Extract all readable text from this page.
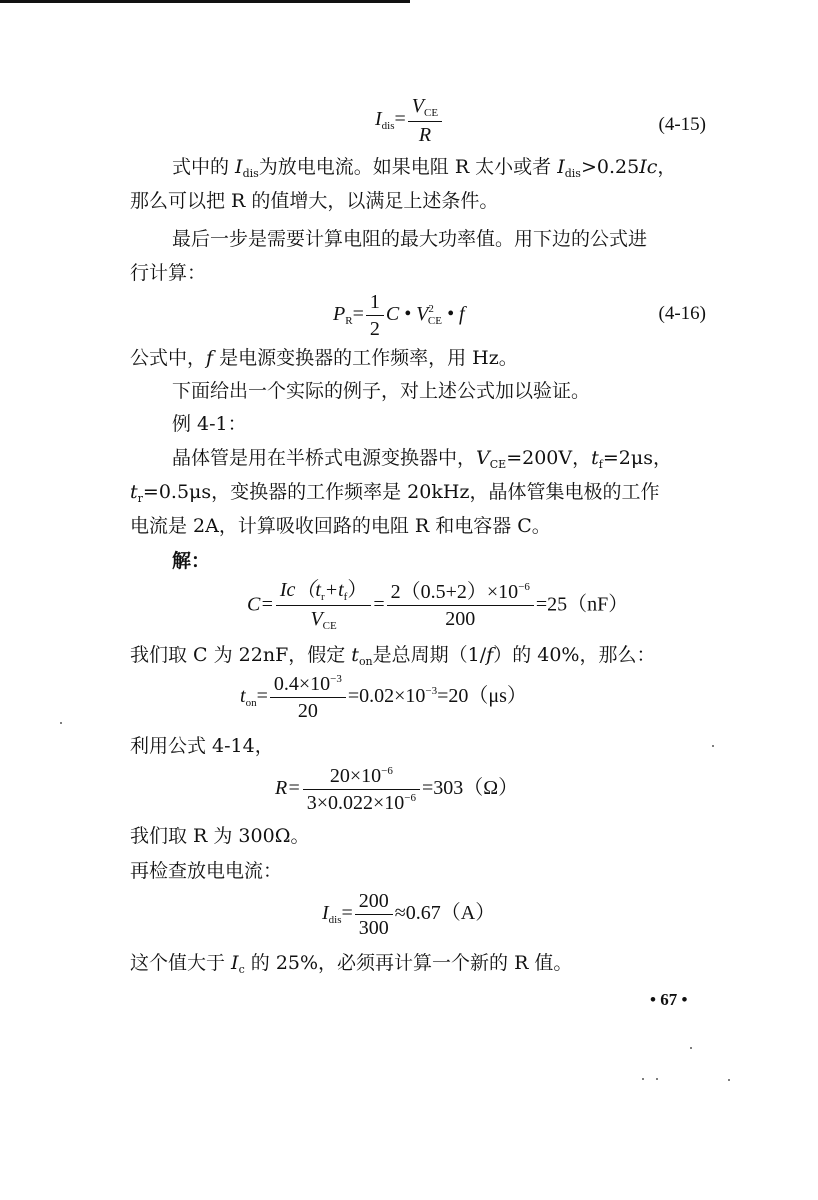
$I_{dis}= \frac{V_{CE}}{R}$	(4-15)

式中的 $I_{dis}$为放电电流。如果电阻 R 太小或者 $I_{dis}>0.25Ic$，

那么可以把 R 的值增大，以满足上述条件。

最后一步是需要计算电阻的最大功率值。用下边的公式进

行计算：

$P_R= \frac{1}{2}$ C • $V^2_{CE}$ • f	(4-16)

公式中，f 是电源变换器的工作频率，用 Hz。

下面给出一个实际的例子，对上述公式加以验证。

例 4-1：

晶体管是用在半桥式电源变换器中，$V_{CE}=200V$，$t_f=2\mu s$，

$t_r=0.5\mu s$，变换器的工作频率是 20kHz，晶体管集电极的工作

电流是 2A，计算吸收回路的电阻 R 和电容器 C。

解：

$C= \frac{Ic(t_r+t_f)}{V_{CE}} = \frac{2(0.5+2)\times 10^{-6}}{200} =25(nF)$

我们取 C 为 22nF，假定 $t_{on}$是总周期（1/f）的 40%，那么：

$t_{on}= \frac{0.4\times 10^{-3}}{20} =0.02\times 10^{-3}=20(\mu s)$

利用公式 4-14，

$R= \frac{20\times 10^{-6}}{3\times 0.022\times 10^{-6}} =303(\Omega)$

我们取 R 为 300Ω。

再检查放电电流：

$I_{dis}= \frac{200}{300} \approx 0.67(A)$

这个值大于 $I_c$ 的 25%，必须再计算一个新的 R 值。

• 67 •
